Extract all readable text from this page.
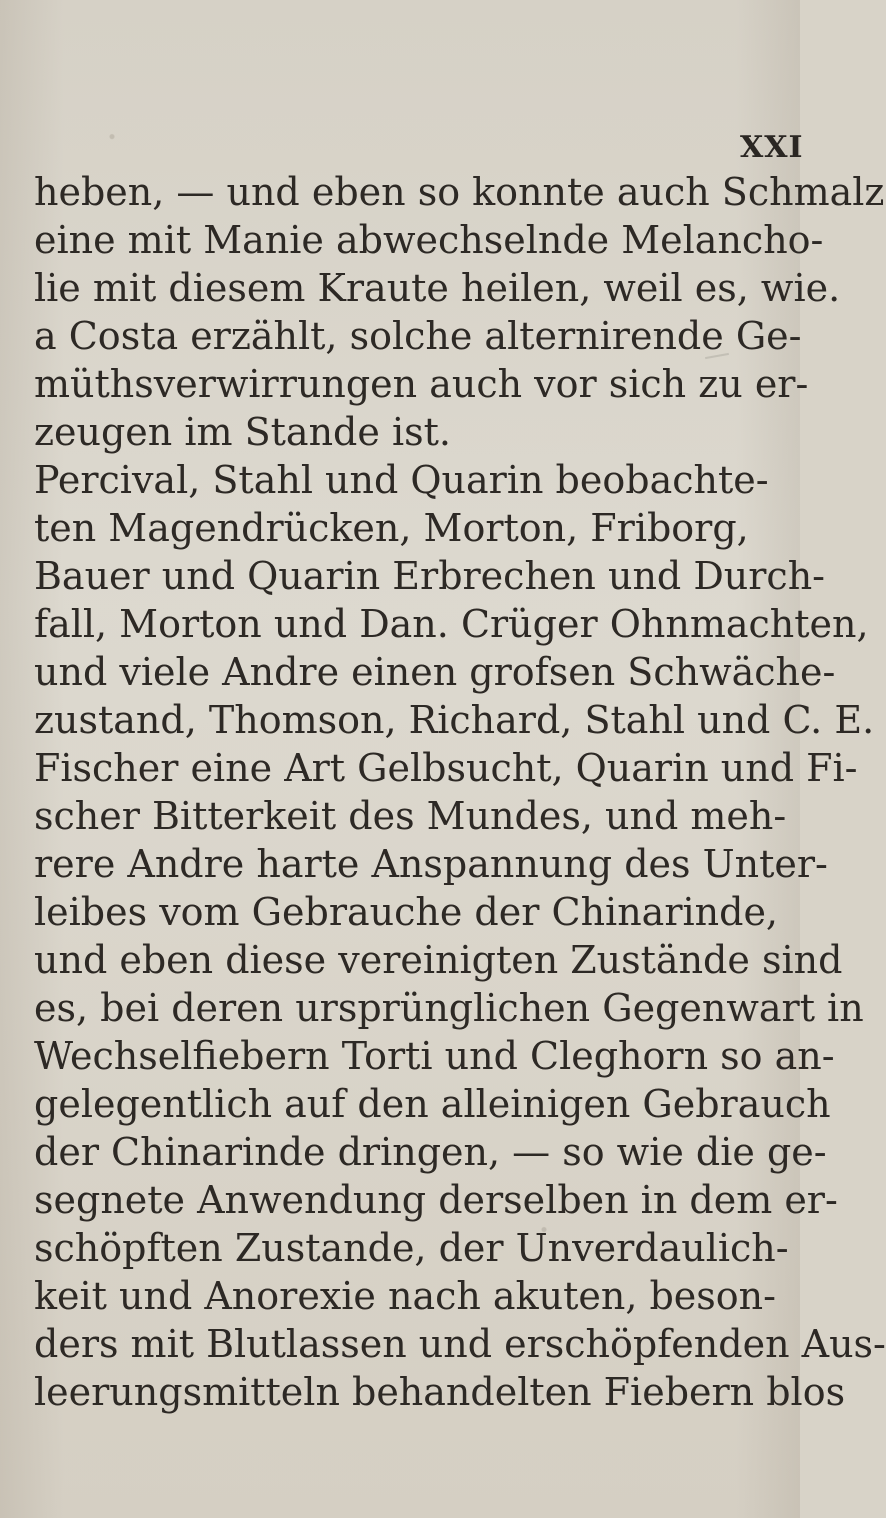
XXI
heben, — und eben so konnte auch Schmalz
eine mit Manie abwechselnde Melancho-
lie mit diesem Kraute heilen, weil es, wie.
a Costa erzählt, solche alternirende Ge-
müthsverwirrungen auch vor sich zu er-
zeugen im Stande ist.
Percival, Stahl und Quarin beobachte-
ten Magendrücken, Morton, Friborg,
Bauer und Quarin Erbrechen und Durch-
fall, Morton und Dan. Crüger Ohnmachten,
und viele Andre einen grofsen Schwäche-
zustand, Thomson, Richard, Stahl und C. E.
Fischer eine Art Gelbsucht, Quarin und Fi-
scher Bitterkeit des Mundes, und meh-
rere Andre harte Anspannung des Unter-
leibes vom Gebrauche der Chinarinde,
und eben diese vereinigten Zustände sind
es, bei deren ursprünglichen Gegenwart in
Wechselfiebern Torti und Cleghorn so an-
gelegentlich auf den alleinigen Gebrauch
der Chinarinde dringen, — so wie die ge-
segnete Anwendung derselben in dem er-
schöpften Zustande, der Unverdaulich-
keit und Anorexie nach akuten, beson-
ders mit Blutlassen und erschöpfenden Aus-
leerungsmitteln behandelten Fiebern blos
